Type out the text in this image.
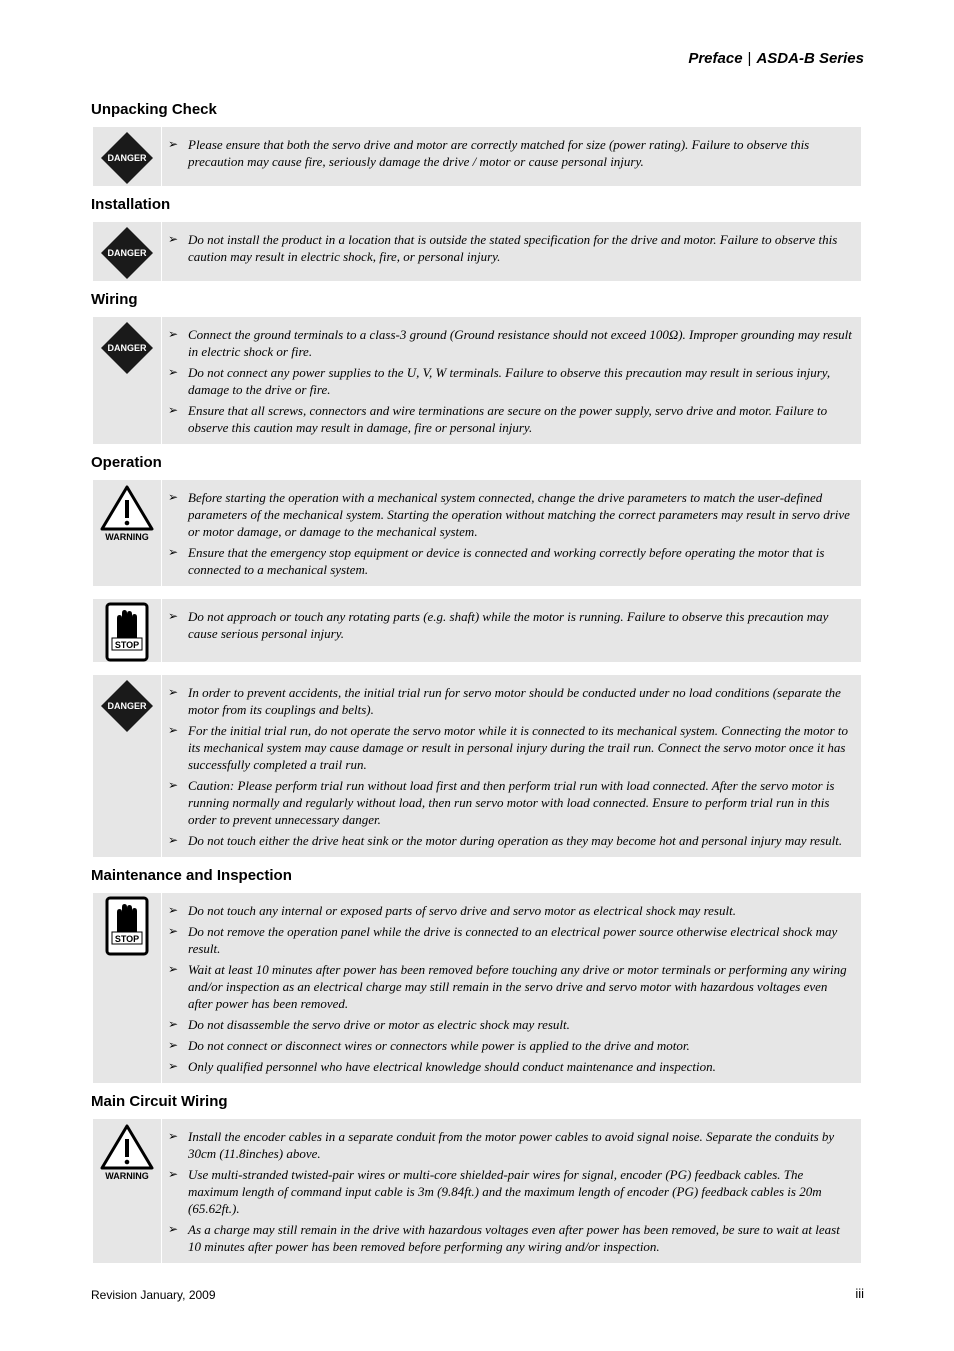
Preface | ASDA-B Series
Unpacking Check
DANGER
➢ Please ensure that both the servo drive and motor are correctly matched for size (power rating). Failure to observe this precaution may cause fire, seriously damage the drive / motor or cause personal injury.
Installation
DANGER
➢ Do not install the product in a location that is outside the stated specification for the drive and motor. Failure to observe this caution may result in electric shock, fire, or personal injury.
Wiring
DANGER
➢ Connect the ground terminals to a class-3 ground (Ground resistance should not exceed 100Ω). Improper grounding may result in electric shock or fire.
➢ Do not connect any power supplies to the U, V, W terminals. Failure to observe this precaution may result in serious injury, damage to the drive or fire.
➢ Ensure that all screws, connectors and wire terminations are secure on the power supply, servo drive and motor. Failure to observe this caution may result in damage, fire or personal injury.
Operation
WARNING
➢ Before starting the operation with a mechanical system connected, change the drive parameters to match the user-defined parameters of the mechanical system. Starting the operation without matching the correct parameters may result in servo drive or motor damage, or damage to the mechanical system.
➢ Ensure that the emergency stop equipment or device is connected and working correctly before operating the motor that is connected to a mechanical system.
STOP
➢ Do not approach or touch any rotating parts (e.g. shaft) while the motor is running. Failure to observe this precaution may cause serious personal injury.
DANGER
➢ In order to prevent accidents, the initial trial run for servo motor should be conducted under no load conditions (separate the motor from its couplings and belts).
➢ For the initial trial run, do not operate the servo motor while it is connected to its mechanical system. Connecting the motor to its mechanical system may cause damage or result in personal injury during the trail run. Connect the servo motor once it has successfully completed a trail run.
➢ Caution: Please perform trial run without load first and then perform trial run with load connected. After the servo motor is running normally and regularly without load, then run servo motor with load connected. Ensure to perform trial run in this order to prevent unnecessary danger.
➢ Do not touch either the drive heat sink or the motor during operation as they may become hot and personal injury may result.
Maintenance and Inspection
STOP
➢ Do not touch any internal or exposed parts of servo drive and servo motor as electrical shock may result.
➢ Do not remove the operation panel while the drive is connected to an electrical power source otherwise electrical shock may result.
➢ Wait at least 10 minutes after power has been removed before touching any drive or motor terminals or performing any wiring and/or inspection as an electrical charge may still remain in the servo drive and servo motor with hazardous voltages even after power has been removed.
➢ Do not disassemble the servo drive or motor as electric shock may result.
➢ Do not connect or disconnect wires or connectors while power is applied to the drive and motor.
➢ Only qualified personnel who have electrical knowledge should conduct maintenance and inspection.
Main Circuit Wiring
WARNING
➢ Install the encoder cables in a separate conduit from the motor power cables to avoid signal noise. Separate the conduits by 30cm (11.8inches) above.
➢ Use multi-stranded twisted-pair wires or multi-core shielded-pair wires for signal, encoder (PG) feedback cables. The maximum length of command input cable is 3m (9.84ft.) and the maximum length of encoder (PG) feedback cables is 20m (65.62ft.).
➢ As a charge may still remain in the drive with hazardous voltages even after power has been removed, be sure to wait at least 10 minutes after power has been removed before performing any wiring and/or inspection.
Revision January, 2009	iii
